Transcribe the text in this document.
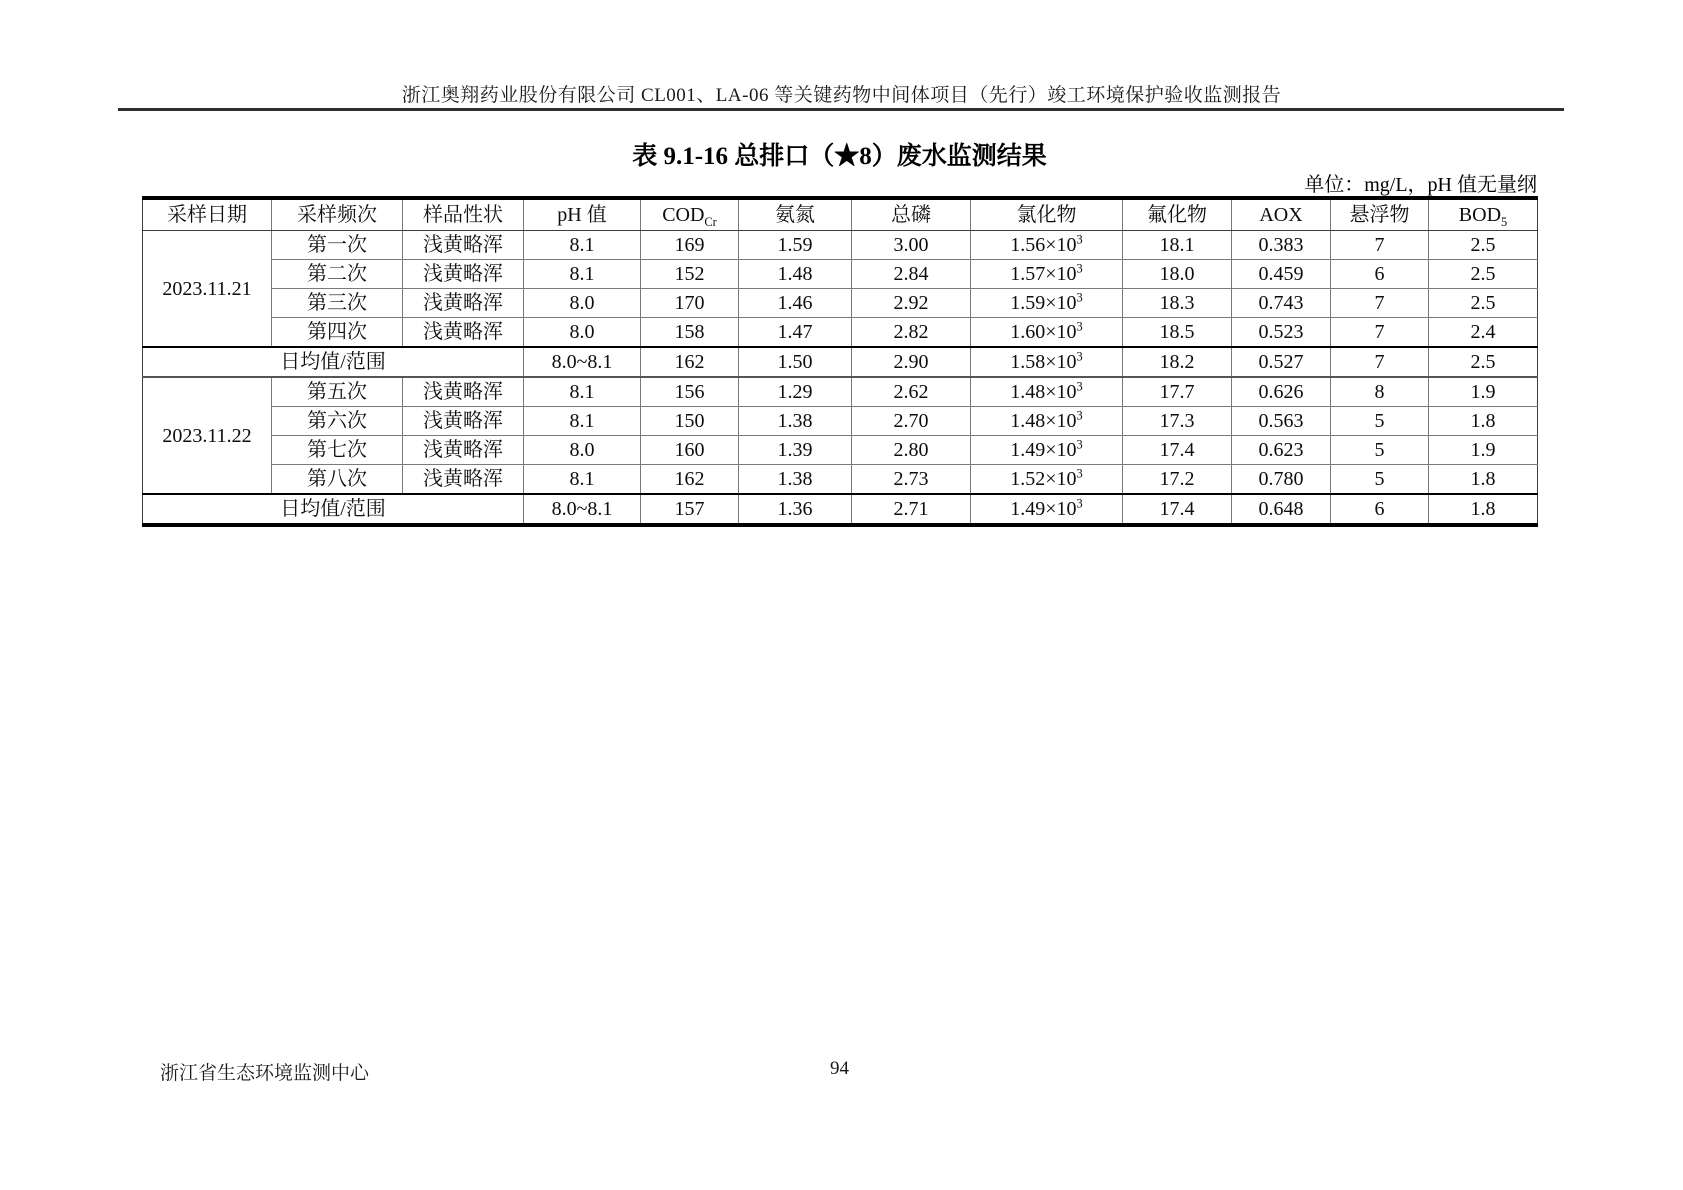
浙江奥翔药业股份有限公司 CL001、LA-06 等关键药物中间体项目（先行）竣工环境保护验收监测报告
表 9.1-16 总排口（★8）废水监测结果
单位：mg/L，pH 值无量纲
采样日期	采样频次	样品性状	pH 值	$COD_{Cr}$	氨氮	总磷	氯化物	氟化物	AOX	悬浮物	$BOD_5$
2023.11.21	第一次	浅黄略浑	8.1	169	1.59	3.00	$1.56\times 10^3$	18.1	0.383	7	2.5
	第二次	浅黄略浑	8.1	152	1.48	2.84	$1.57\times 10^3$	18.0	0.459	6	2.5
	第三次	浅黄略浑	8.0	170	1.46	2.92	$1.59\times 10^3$	18.3	0.743	7	2.5
	第四次	浅黄略浑	8.0	158	1.47	2.82	$1.60\times 10^3$	18.5	0.523	7	2.4
日均值/范围			8.0~8.1	162	1.50	2.90	$1.58\times 10^3$	18.2	0.527	7	2.5
2023.11.22	第五次	浅黄略浑	8.1	156	1.29	2.62	$1.48\times 10^3$	17.7	0.626	8	1.9
	第六次	浅黄略浑	8.1	150	1.38	2.70	$1.48\times 10^3$	17.3	0.563	5	1.8
	第七次	浅黄略浑	8.0	160	1.39	2.80	$1.49\times 10^3$	17.4	0.623	5	1.9
	第八次	浅黄略浑	8.1	162	1.38	2.73	$1.52\times 10^3$	17.2	0.780	5	1.8
日均值/范围			8.0~8.1	157	1.36	2.71	$1.49\times 10^3$	17.4	0.648	6	1.8
浙江省生态环境监测中心	94
